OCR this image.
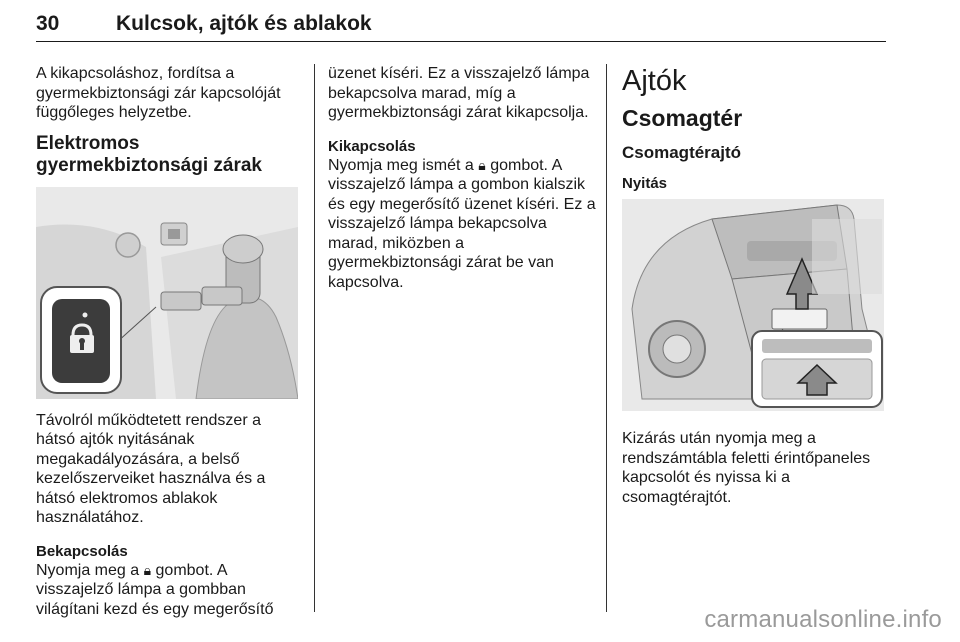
30	Kulcsok, ajtók és ablakok

A kikapcsoláshoz, fordítsa a gyermekbiztonsági zár kapcsolóját függőleges helyzetbe.

Elektromos gyermekbiztonsági zárak

Távolról működtetett rendszer a hátsó ajtók nyitásának megakadályozására, a belső kezelőszerveiket használva és a hátsó elektromos ablakok használatához.

Bekapcsolás

Nyomja meg a 🔒︎ gombot. A visszajelző lámpa a gombban világítani kezd és egy megerősítő

üzenet kíséri. Ez a visszajelző lámpa bekapcsolva marad, míg a gyermekbiztonsági zárat kikapcsolja.

Kikapcsolás

Nyomja meg ismét a 🔒︎ gombot. A visszajelző lámpa a gombon kialszik és egy megerősítő üzenet kíséri. Ez a visszajelző lámpa bekapcsolva marad, miközben a gyermekbiztonsági zárat be van kapcsolva.

Ajtók
Csomagtér
Csomagtérajtó
Nyitás

Kizárás után nyomja meg a rendszámtábla feletti érintőpaneles kapcsolót és nyissa ki a csomagtérajtót.

carmanualsonline.info
